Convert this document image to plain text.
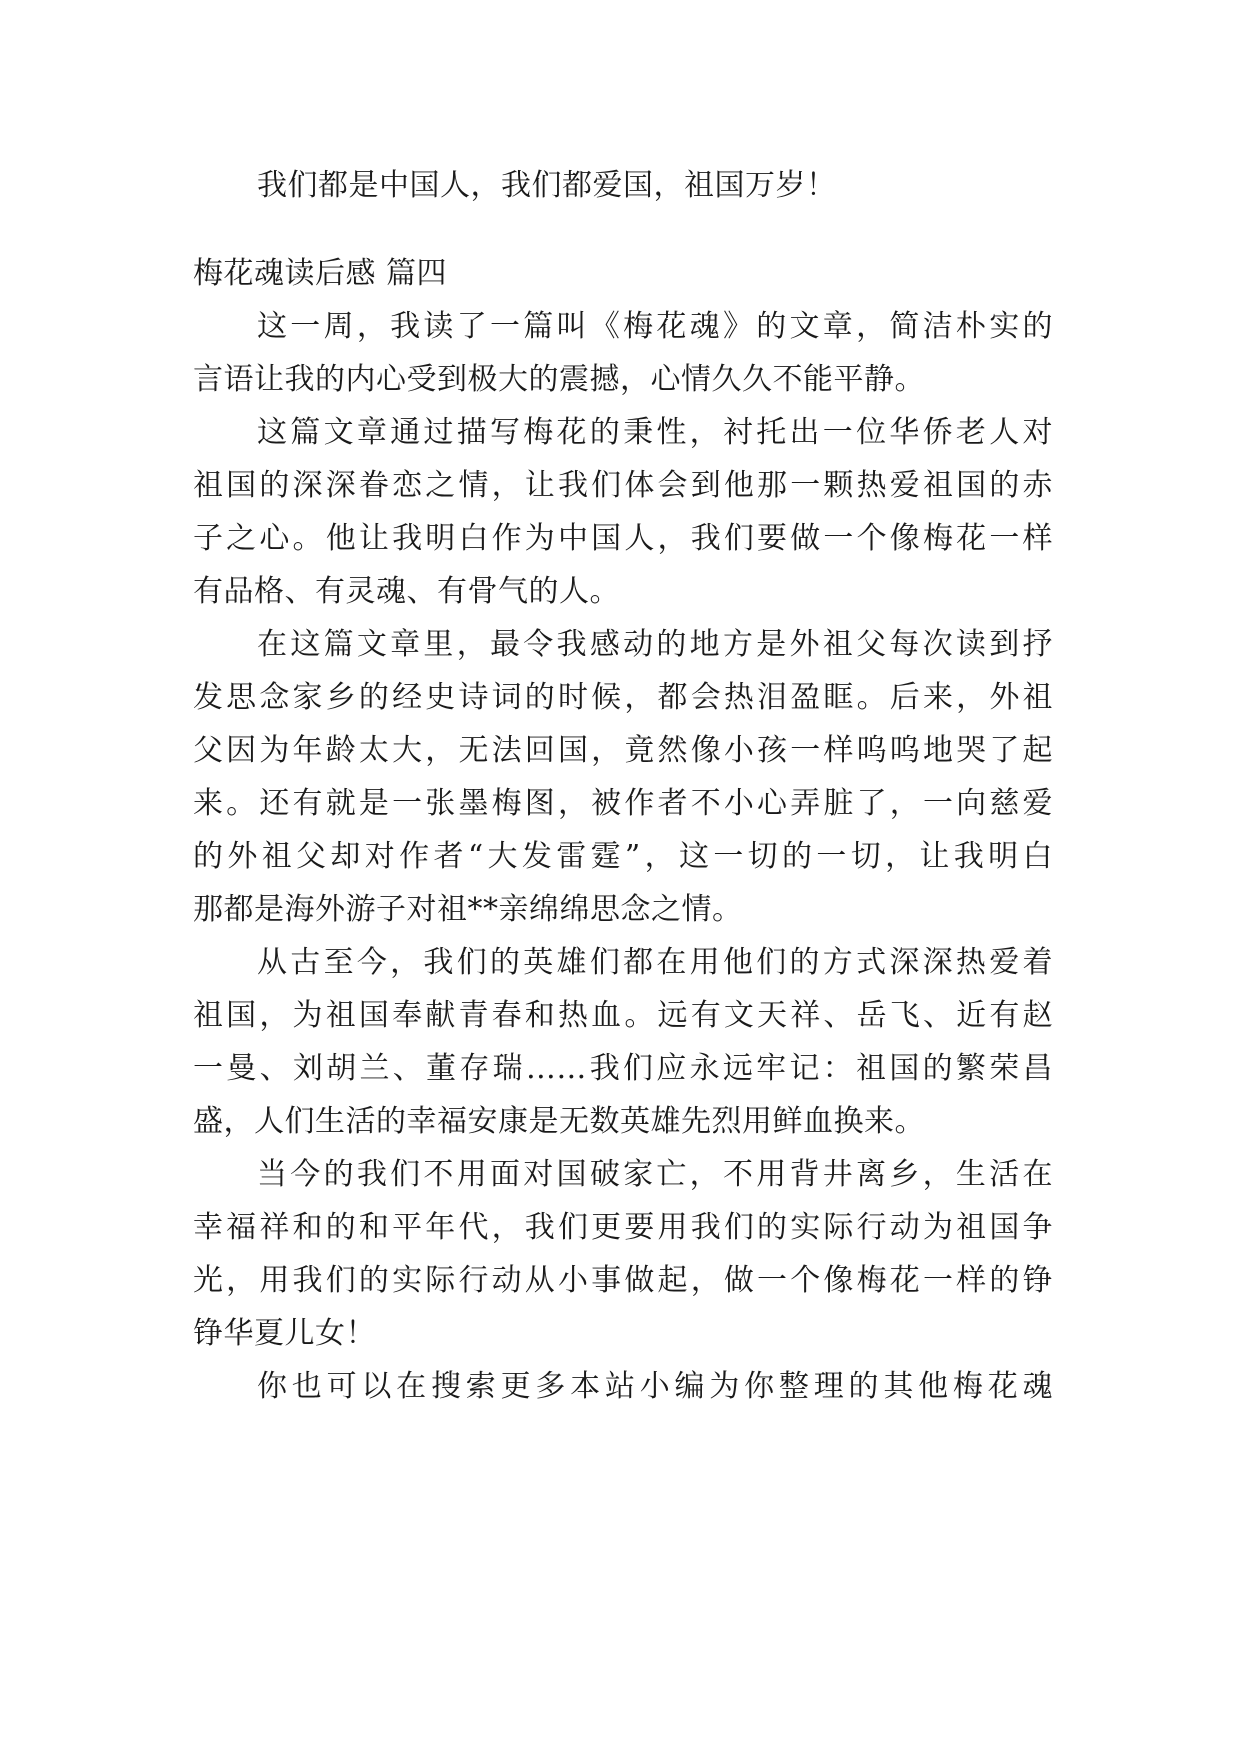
我们都是中国人，我们都爱国，祖国万岁！
梅花魂读后感 篇四
这一周，我读了一篇叫《梅花魂》的文章，简洁朴实的
言语让我的内心受到极大的震撼，心情久久不能平静。
这篇文章通过描写梅花的秉性，衬托出一位华侨老人对
祖国的深深眷恋之情，让我们体会到他那一颗热爱祖国的赤
子之心。他让我明白作为中国人，我们要做一个像梅花一样
有品格、有灵魂、有骨气的人。
在这篇文章里，最令我感动的地方是外祖父每次读到抒
发思念家乡的经史诗词的时候，都会热泪盈眶。后来，外祖
父因为年龄太大，无法回国，竟然像小孩一样呜呜地哭了起
来。还有就是一张墨梅图，被作者不小心弄脏了，一向慈爱
的外祖父却对作者“大发雷霆”，这一切的一切，让我明白
那都是海外游子对祖**亲绵绵思念之情。
从古至今，我们的英雄们都在用他们的方式深深热爱着
祖国，为祖国奉献青春和热血。远有文天祥、岳飞、近有赵
一曼、刘胡兰、董存瑞……我们应永远牢记：祖国的繁荣昌
盛，人们生活的幸福安康是无数英雄先烈用鲜血换来。
当今的我们不用面对国破家亡，不用背井离乡，生活在
幸福祥和的和平年代，我们更要用我们的实际行动为祖国争
光，用我们的实际行动从小事做起，做一个像梅花一样的铮
铮华夏儿女！
你也可以在搜索更多本站小编为你整理的其他梅花魂
